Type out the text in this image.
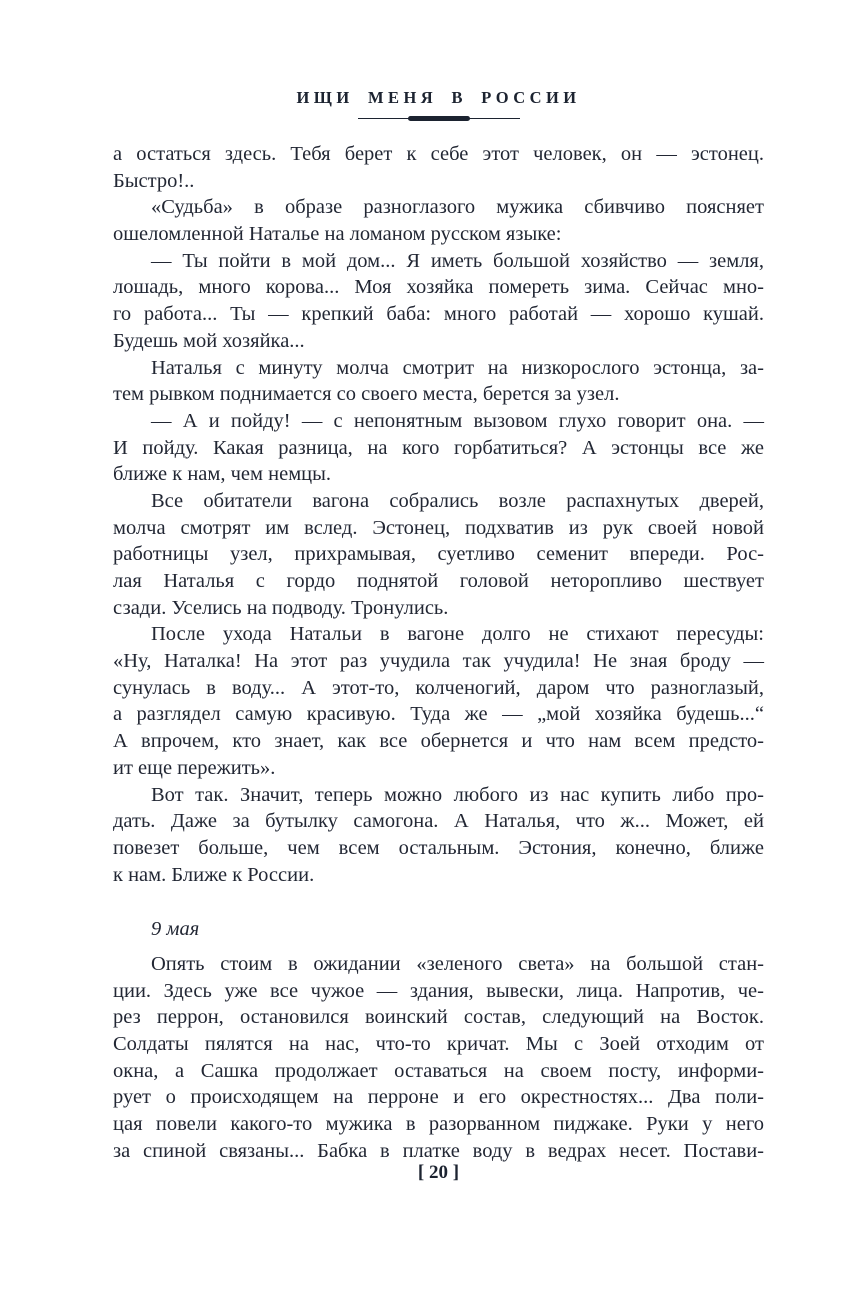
ИЩИ МЕНЯ В РОССИИ
а остаться здесь. Тебя берет к себе этот человек, он — эстонец.
Быстро!..
«Судьба» в образе разноглазого мужика сбивчиво поясняет
ошеломленной Наталье на ломаном русском языке:
— Ты пойти в мой дом... Я иметь большой хозяйство — земля,
лошадь, много корова... Моя хозяйка помереть зима. Сейчас мно-
го работа... Ты — крепкий баба: много работай — хорошо кушай.
Будешь мой хозяйка...
Наталья с минуту молча смотрит на низкорослого эстонца, за-
тем рывком поднимается со своего места, берется за узел.
— А и пойду! — с непонятным вызовом глухо говорит она. —
И пойду. Какая разница, на кого горбатиться? А эстонцы все же
ближе к нам, чем немцы.
Все обитатели вагона собрались возле распахнутых дверей,
молча смотрят им вслед. Эстонец, подхватив из рук своей новой
работницы узел, прихрамывая, суетливо семенит впереди. Рос-
лая Наталья с гордо поднятой головой неторопливо шествует
сзади. Уселись на подводу. Тронулись.
После ухода Натальи в вагоне долго не стихают пересуды:
«Ну, Наталка! На этот раз учудила так учудила! Не зная броду —
сунулась в воду... А этот-то, колченогий, даром что разноглазый,
а разглядел самую красивую. Туда же — „мой хозяйка будешь...“
А впрочем, кто знает, как все обернется и что нам всем предсто-
ит еще пережить».
Вот так. Значит, теперь можно любого из нас купить либо про-
дать. Даже за бутылку самогона. А Наталья, что ж... Может, ей
повезет больше, чем всем остальным. Эстония, конечно, ближе
к нам. Ближе к России.
9 мая
Опять стоим в ожидании «зеленого света» на большой стан-
ции. Здесь уже все чужое — здания, вывески, лица. Напротив, че-
рез перрон, остановился воинский состав, следующий на Восток.
Солдаты пялятся на нас, что-то кричат. Мы с Зоей отходим от
окна, а Сашка продолжает оставаться на своем посту, информи-
рует о происходящем на перроне и его окрестностях... Два поли-
цая повели какого-то мужика в разорванном пиджаке. Руки у него
за спиной связаны... Бабка в платке воду в ведрах несет. Постави-
[ 20 ]
